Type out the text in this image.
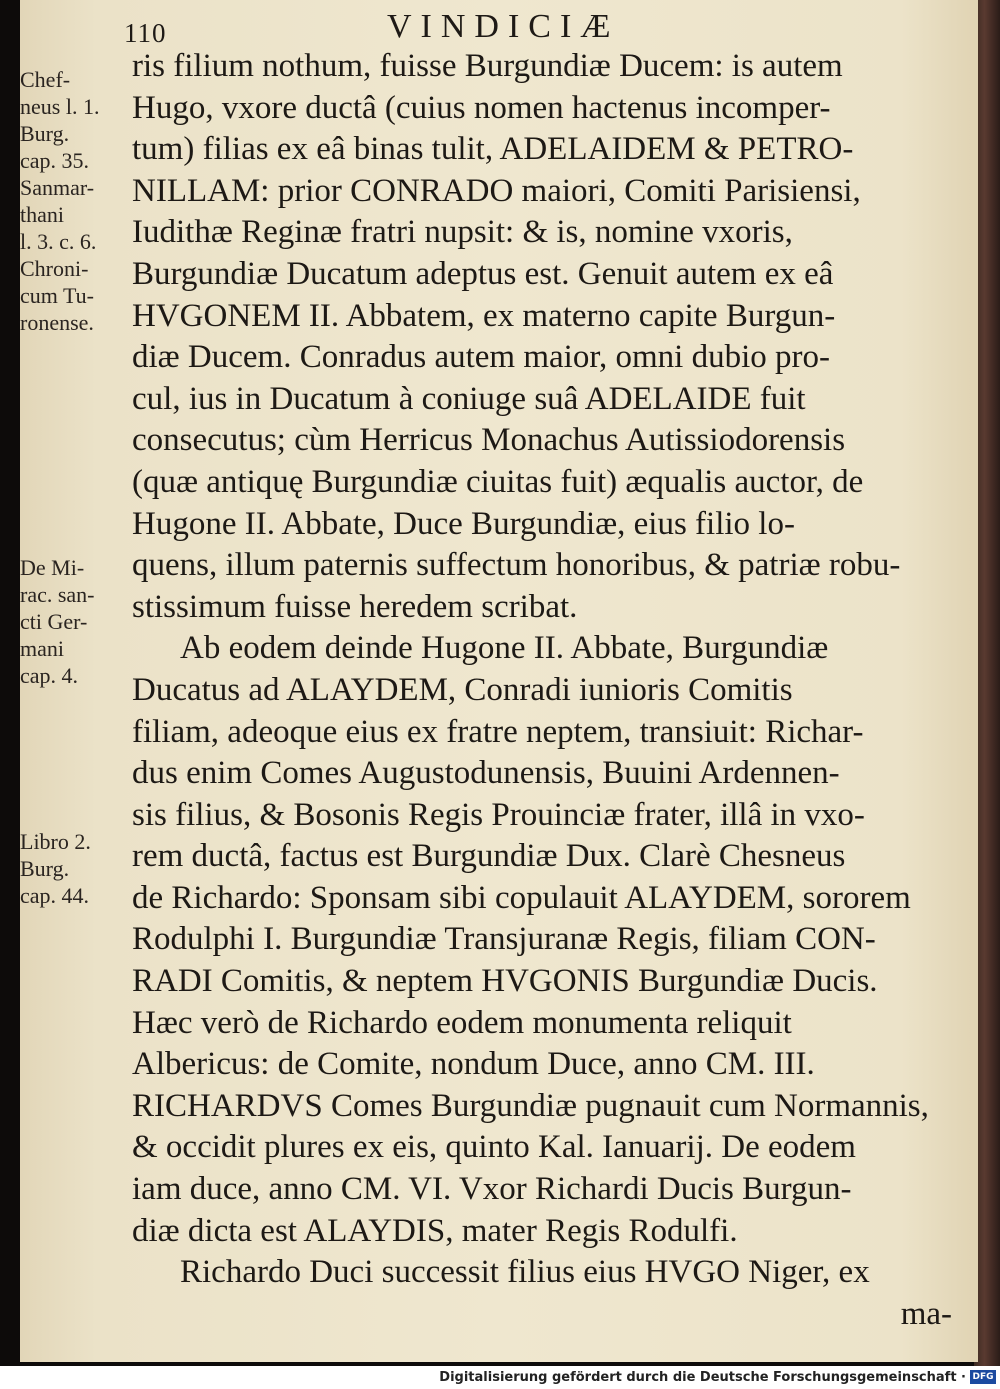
110	VINDICIÆ
Chef-
neus l. 1.
Burg.
cap. 35.
Sanmar-
thani
l. 3. c. 6.
Chroni-
cum Tu-
ronense.
De Mi-
rac. san-
cti Ger-
mani
cap. 4.
Libro 2.
Burg.
cap. 44.
ris filium nothum, fuisse Burgundiæ Ducem: is autem
Hugo, vxore ductâ (cuius nomen hactenus incomper-
tum) filias ex eâ binas tulit, ADELAIDEM & PETRO-
NILLAM: prior CONRADO maiori, Comiti Parisiensi,
Iudithæ Reginæ fratri nupsit: & is, nomine vxoris,
Burgundiæ Ducatum adeptus est. Genuit autem ex eâ
HVGONEM II. Abbatem, ex materno capite Burgun-
diæ Ducem. Conradus autem maior, omni dubio pro-
cul, ius in Ducatum à coniuge suâ ADELAIDE fuit
consecutus; cùm Herricus Monachus Autissiodorensis
(quæ antiquę Burgundiæ ciuitas fuit) æqualis auctor, de
Hugone II. Abbate, Duce Burgundiæ, eius filio lo-
quens, illum paternis suffectum honoribus, & patriæ robu-
stissimum fuisse heredem scribat.
Ab eodem deinde Hugone II. Abbate, Burgundiæ
Ducatus ad ALAYDEM, Conradi iunioris Comitis
filiam, adeoque eius ex fratre neptem, transiuit: Richar-
dus enim Comes Augustodunensis, Buuini Ardennen-
sis filius, & Bosonis Regis Prouinciæ frater, illâ in vxo-
rem ductâ, factus est Burgundiæ Dux. Clarè Chesneus
de Richardo: Sponsam sibi copulauit ALAYDEM, sororem
Rodulphi I. Burgundiæ Transjuranæ Regis, filiam CON-
RADI Comitis, & neptem HVGONIS Burgundiæ Ducis.
Hæc verò de Richardo eodem monumenta reliquit
Albericus: de Comite, nondum Duce, anno CM. III.
RICHARDVS Comes Burgundiæ pugnauit cum Normannis,
& occidit plures ex eis, quinto Kal. Ianuarij. De eodem
iam duce, anno CM. VI. Vxor Richardi Ducis Burgun-
diæ dicta est ALAYDIS, mater Regis Rodulfi.
Richardo Duci successit filius eius HVGO Niger, ex
ma-
Digitalisierung gefördert durch die Deutsche Forschungsgemeinschaft · DFG
